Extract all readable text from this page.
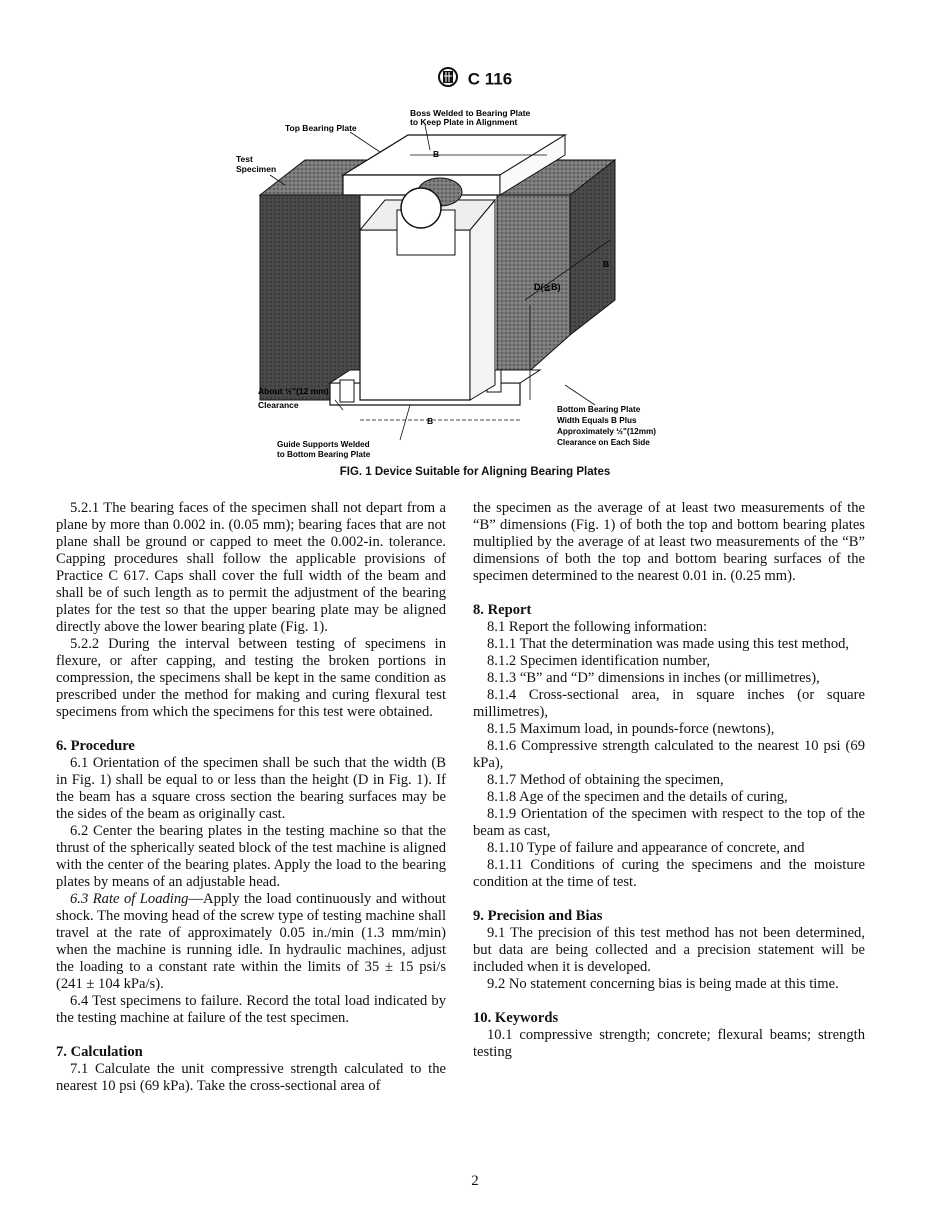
C 116
Boss Welded to Bearing Plate
to Keep Plate in Alignment
Top Bearing Plate
Test
Specimen
B
B
D(≧B)
About ½"(12 mm)
Clearance
B
Bottom Bearing Plate
Width Equals B Plus
Approximately ½"(12mm)
Clearance on Each Side
Guide Supports Welded
to Bottom Bearing Plate
FIG. 1 Device Suitable for Aligning Bearing Plates

5.2.1 The bearing faces of the specimen shall not depart from a plane by more than 0.002 in. (0.05 mm); bearing faces that are not plane shall be ground or capped to meet the 0.002-in. tolerance. Capping procedures shall follow the applicable provisions of Practice C 617. Caps shall cover the full width of the beam and shall be of such length as to permit the adjustment of the bearing plates for the test so that the upper bearing plate may be aligned directly above the lower bearing plate (Fig. 1).

5.2.2 During the interval between testing of specimens in flexure, or after capping, and testing the broken portions in compression, the specimens shall be kept in the same condition as prescribed under the method for making and curing flexural test specimens from which the specimens for this test were obtained.

6. Procedure

6.1 Orientation of the specimen shall be such that the width (B in Fig. 1) shall be equal to or less than the height (D in Fig. 1). If the beam has a square cross section the bearing surfaces may be the sides of the beam as originally cast.

6.2 Center the bearing plates in the testing machine so that the thrust of the spherically seated block of the test machine is aligned with the center of the bearing plates. Apply the load to the bearing plates by means of an adjustable head.

6.3 Rate of Loading—Apply the load continuously and without shock. The moving head of the screw type of testing machine shall travel at the rate of approximately 0.05 in./min (1.3 mm/min) when the machine is running idle. In hydraulic machines, adjust the loading to a constant rate within the limits of 35 ± 15 psi/s (241 ± 104 kPa/s).

6.4 Test specimens to failure. Record the total load indicated by the testing machine at failure of the test specimen.

7. Calculation

7.1 Calculate the unit compressive strength calculated to the nearest 10 psi (69 kPa). Take the cross-sectional area of

the specimen as the average of at least two measurements of the “B” dimensions (Fig. 1) of both the top and bottom bearing plates multiplied by the average of at least two measurements of the “B” dimensions of both the top and bottom bearing surfaces of the specimen determined to the nearest 0.01 in. (0.25 mm).

8. Report

8.1 Report the following information:

8.1.1 That the determination was made using this test method,

8.1.2 Specimen identification number,

8.1.3 “B” and “D” dimensions in inches (or millimetres),

8.1.4 Cross-sectional area, in square inches (or square millimetres),

8.1.5 Maximum load, in pounds-force (newtons),

8.1.6 Compressive strength calculated to the nearest 10 psi (69 kPa),

8.1.7 Method of obtaining the specimen,

8.1.8 Age of the specimen and the details of curing,

8.1.9 Orientation of the specimen with respect to the top of the beam as cast,

8.1.10 Type of failure and appearance of concrete, and

8.1.11 Conditions of curing the specimens and the moisture condition at the time of test.

9. Precision and Bias

9.1 The precision of this test method has not been determined, but data are being collected and a precision statement will be included when it is developed.

9.2 No statement concerning bias is being made at this time.

10. Keywords

10.1 compressive strength; concrete; flexural beams; strength testing

2
